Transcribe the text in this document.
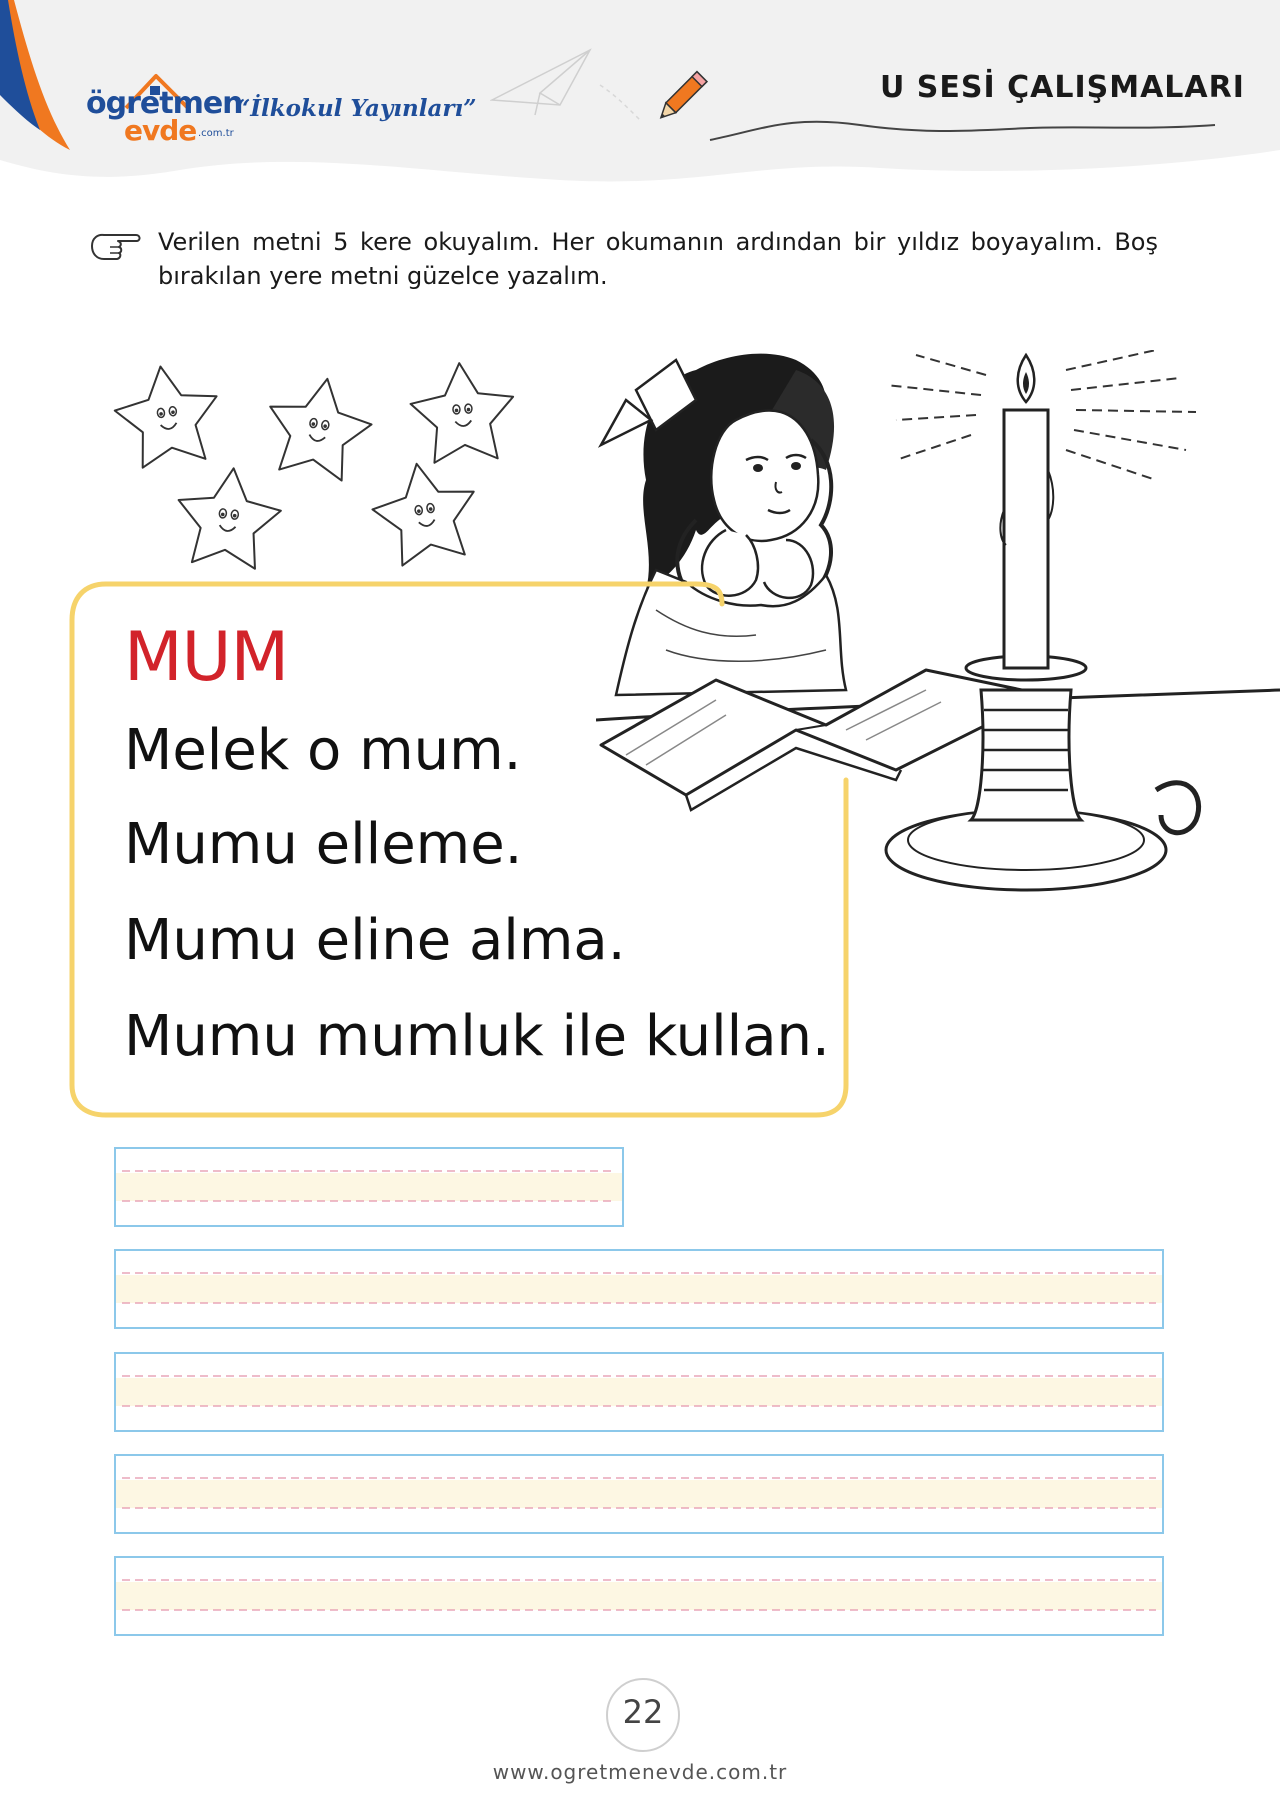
ögretmen
evde .com.tr
“İlkokul Yayınları”
U SESİ ÇALIŞMALARI
Verilen metni 5 kere okuyalım. Her okumanın ardından bir yıldız boyayalım. Boş bırakılan yere metni güzelce yazalım.
MUM
Melek o mum.
Mumu elleme.
Mumu eline alma.
Mumu mumluk ile kullan.
22
www.ogretmenevde.com.tr
